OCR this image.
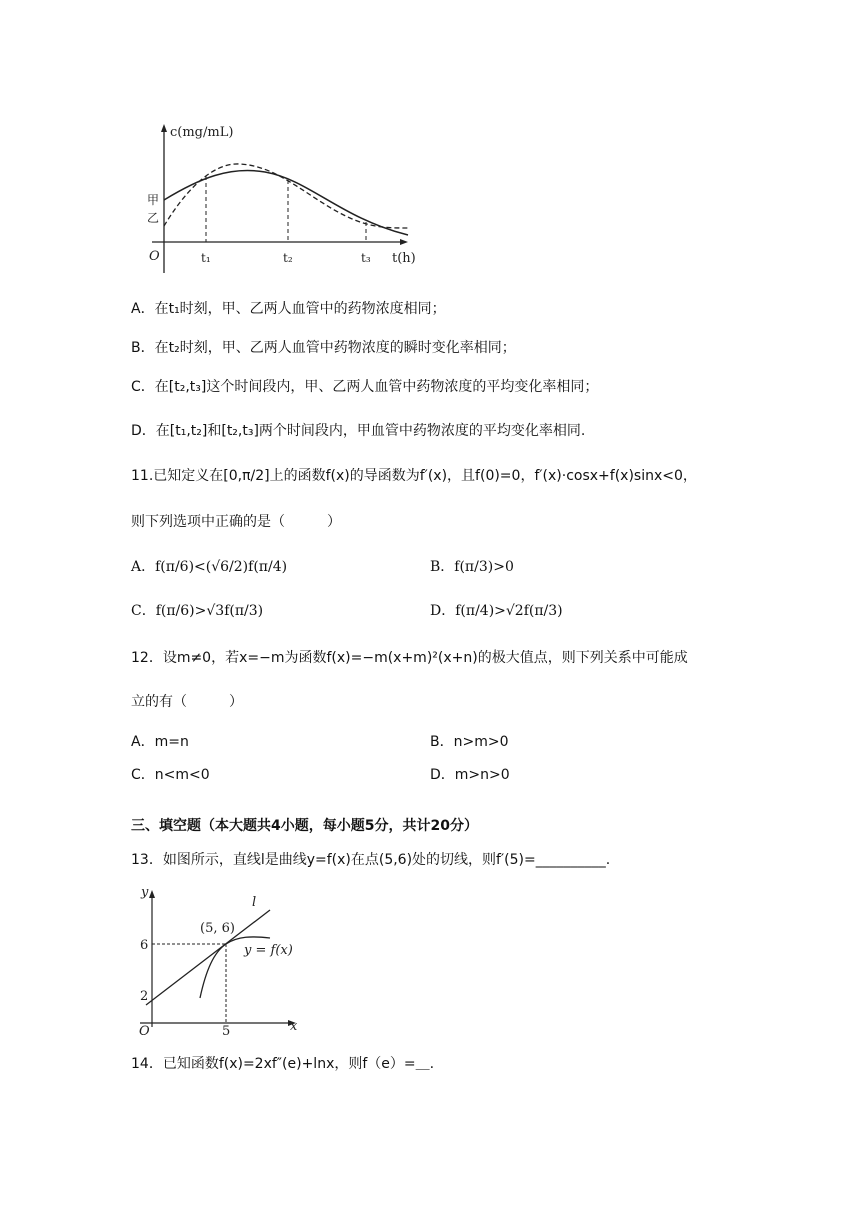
c(mg/mL)
t(h)
O
甲
乙
t₁	t₂	t₃
A．在t₁时刻，甲、乙两人血管中的药物浓度相同；
B．在t₂时刻，甲、乙两人血管中药物浓度的瞬时变化率相同；
C．在[t₂,t₃]这个时间段内，甲、乙两人血管中药物浓度的平均变化率相同；
D．在[t₁,t₂]和[t₂,t₃]两个时间段内，甲血管中药物浓度的平均变化率相同.
11.已知定义在[0,π/2]上的函数f(x)的导函数为f′(x)，且f(0)=0，f′(x)·cosx+f(x)sinx<0，
则下列选项中正确的是（　　　）
A．f(π/6)<(√6/2)f(π/4)	B．f(π/3)>0
C．f(π/6)>√3f(π/3)	D．f(π/4)>√2f(π/3)
12．设m≠0，若x=−m为函数f(x)=−m(x+m)²(x+n)的极大值点，则下列关系中可能成
立的有（　　　）
A．m=n	B．n>m>0
C．n<m<0	D．m>n>0
三、填空题（本大题共4小题，每小题5分，共计20分）
13．如图所示，直线l是曲线y=f(x)在点(5,6)处的切线，则f′(5)=__________.
y
x
O
l
(5, 6)
y = f(x)
6
2
5
14．已知函数f(x)=2xf″(e)+lnx，则f（e）=＿.
